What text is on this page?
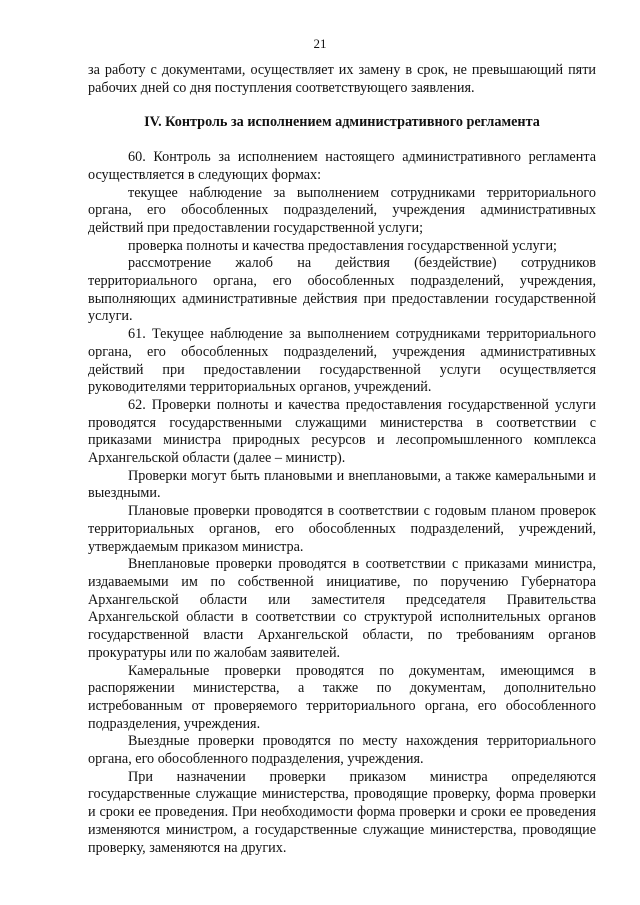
21

за работу с документами, осуществляет их замену в срок, не превышающий пяти рабочих дней со дня поступления соответствующего заявления.

IV. Контроль за исполнением административного регламента

60. Контроль за исполнением настоящего административного регламента осуществляется в следующих формах:

текущее наблюдение за выполнением сотрудниками территориального органа, его обособленных подразделений, учреждения административных действий при предоставлении государственной услуги;

проверка полноты и качества предоставления государственной услуги;

рассмотрение жалоб на действия (бездействие) сотрудников территориального органа, его обособленных подразделений, учреждения, выполняющих административные действия при предоставлении государственной услуги.

61. Текущее наблюдение за выполнением сотрудниками территориального органа, его обособленных подразделений, учреждения административных действий при предоставлении государственной услуги осуществляется руководителями территориальных органов, учреждений.

62. Проверки полноты и качества предоставления государственной услуги проводятся государственными служащими министерства в соответствии с приказами министра природных ресурсов и лесопромышленного комплекса Архангельской области (далее – министр).

Проверки могут быть плановыми и внеплановыми, а также камеральными и выездными.

Плановые проверки проводятся в соответствии с годовым планом проверок территориальных органов, его обособленных подразделений, учреждений, утверждаемым приказом министра.

Внеплановые проверки проводятся в соответствии с приказами министра, издаваемыми им по собственной инициативе, по поручению Губернатора Архангельской области или заместителя председателя Правительства Архангельской области в соответствии со структурой исполнительных органов государственной власти Архангельской области, по требованиям органов прокуратуры или по жалобам заявителей.

Камеральные проверки проводятся по документам, имеющимся в распоряжении министерства, а также по документам, дополнительно истребованным от проверяемого территориального органа, его обособленного подразделения, учреждения.

Выездные проверки проводятся по месту нахождения территориального органа, его обособленного подразделения, учреждения.

При назначении проверки приказом министра определяются государственные служащие министерства, проводящие проверку, форма проверки и сроки ее проведения. При необходимости форма проверки и сроки ее проведения изменяются министром, а государственные служащие министерства, проводящие проверку, заменяются на других.
